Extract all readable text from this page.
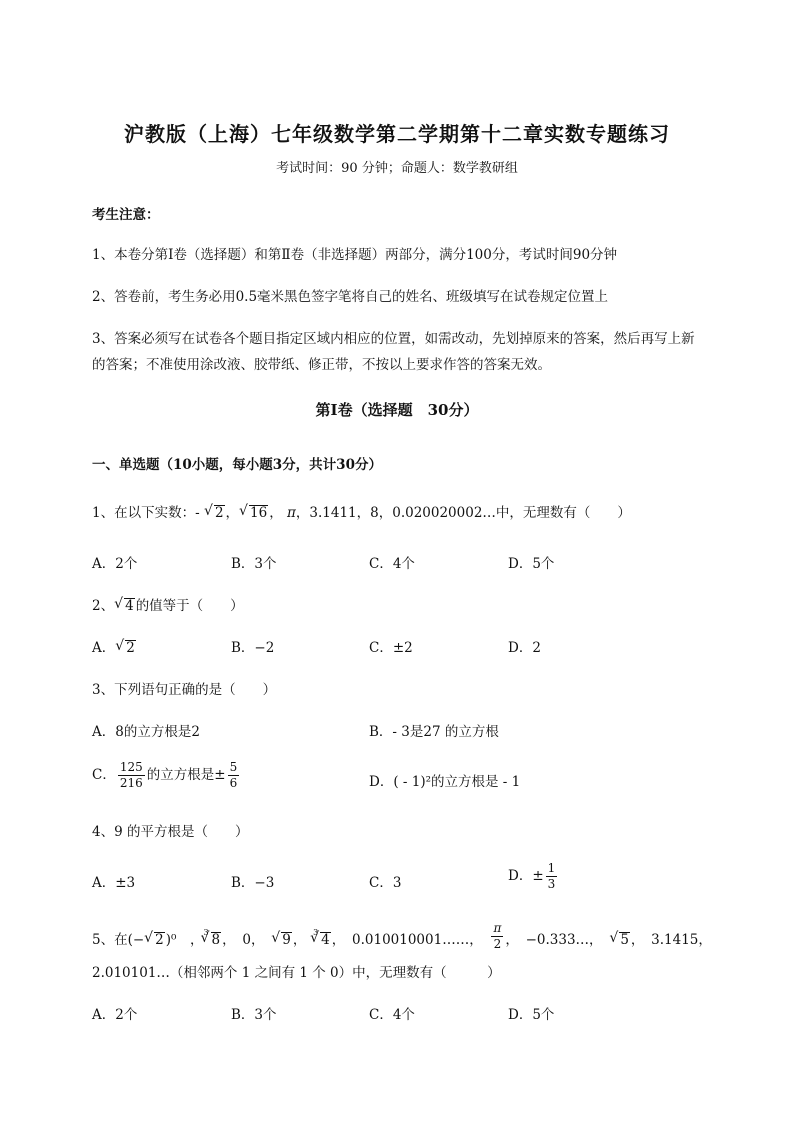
沪教版（上海）七年级数学第二学期第十二章实数专题练习
考试时间：90 分钟；命题人：数学教研组
考生注意：
1、本卷分第Ⅰ卷（选择题）和第Ⅱ卷（非选择题）两部分，满分100分，考试时间90分钟
2、答卷前，考生务必用0.5毫米黑色签字笔将自己的姓名、班级填写在试卷规定位置上
3、答案必须写在试卷各个题目指定区域内相应的位置，如需改动，先划掉原来的答案，然后再写上新
的答案；不准使用涂改液、胶带纸、修正带，不按以上要求作答的答案无效。
第Ⅰ卷（选择题　30分）
一、单选题（10小题，每小题3分，共计30分）
1、在以下实数：- √ 2 ， √ 16 ， π，3.1411，8，0.020020002…中，无理数有（　　）
A．2个	B．3个	C．4个	D．5个
2、 √ 4 的值等于（　　）
A． √ 2	B．−2	C．±2	D．2
3、下列语句正确的是（　　）
A．8的立方根是2	B．- 3是27 的立方根
C． $\frac{125}{216}$ 的立方根是± $\frac{5}{6}$	D．( - 1)²的立方根是 - 1
4、9 的平方根是（　　）
A．±3	B．−3	C．3	D．± $\frac{1}{3}$
5、在(− √ 2 )⁰　，$^3$ √ 8 ，　0，　√ 9 ，　$^3$ √ 4 ，　0.010010001……，　 $\frac{\pi}{2}$ ，　−0.333…，　√ 5 ，　3.1415，
2.010101…（相邻两个 1 之间有 1 个 0）中，无理数有（　　　）
A．2个	B．3个	C．4个	D．5个
